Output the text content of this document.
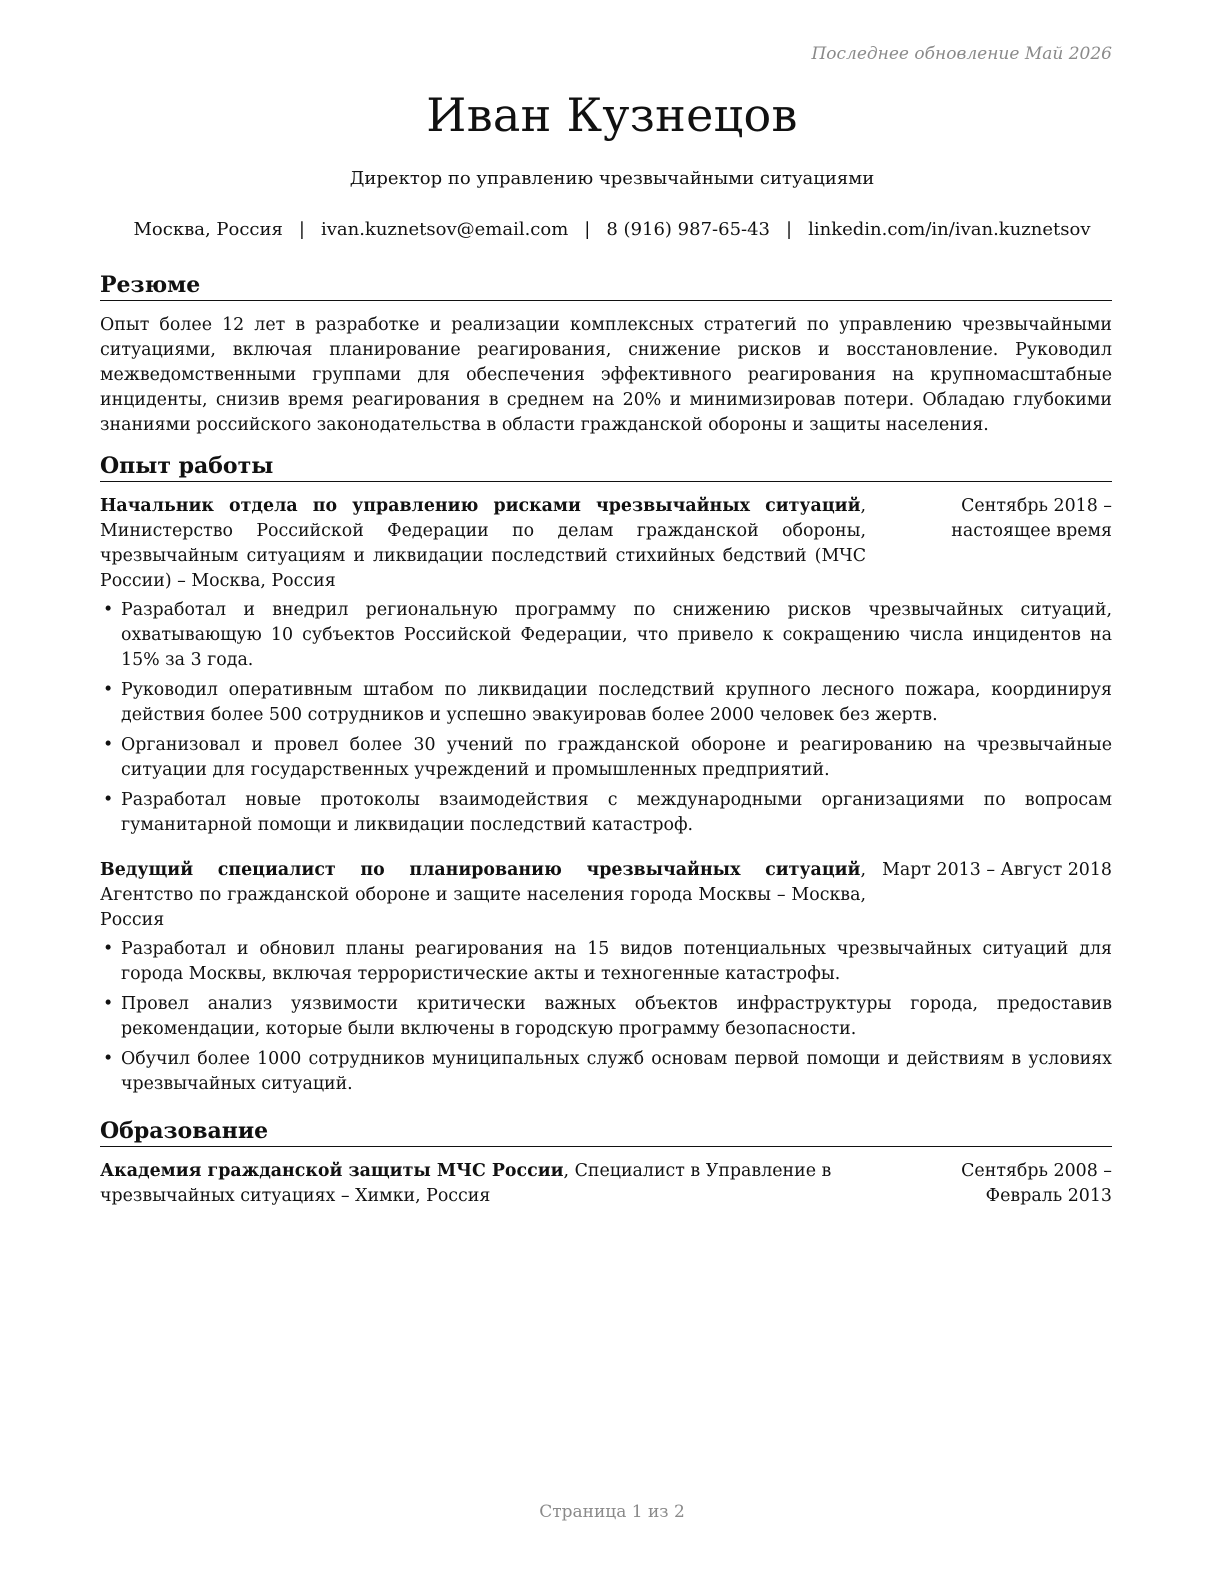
Последнее обновление Май 2026
Иван Кузнецов
Директор по управлению чрезвычайными ситуациями
Москва, Россия | ivan.kuznetsov@email.com | 8 (916) 987-65-43 | linkedin.com/in/ivan.kuznetsov
Резюме

Опыт более 12 лет в разработке и реализации комплексных стратегий по управлению чрезвычайными ситуациями, включая планирование реагирования, снижение рисков и восстановление. Руководил межведомственными группами для обеспечения эффективного реагирования на крупномасштабные инциденты, снизив время реагирования в среднем на 20% и минимизировав потери. Обладаю глубокими знаниями российского законодательства в области гражданской обороны и защиты населения.

Опыт работы
Начальник отдела по управлению рисками чрезвычайных ситуаций, Министерство Российской Федерации по делам гражданской обороны, чрезвычайным ситуациям и ликвидации последствий стихийных бедствий (МЧС России) – Москва, Россия
Сентябрь 2018 – настоящее время
• Разработал и внедрил региональную программу по снижению рисков чрезвычайных ситуаций, охватывающую 10 субъектов Российской Федерации, что привело к сокращению числа инцидентов на 15% за 3 года.
• Руководил оперативным штабом по ликвидации последствий крупного лесного пожара, координируя действия более 500 сотрудников и успешно эвакуировав более 2000 человек без жертв.
• Организовал и провел более 30 учений по гражданской обороне и реагированию на чрезвычайные ситуации для государственных учреждений и промышленных предприятий.
• Разработал новые протоколы взаимодействия с международными организациями по вопросам гуманитарной помощи и ликвидации последствий катастроф.
Ведущий специалист по планированию чрезвычайных ситуаций, Агентство по гражданской обороне и защите населения города Москвы – Москва, Россия
Март 2013 – Август 2018
• Разработал и обновил планы реагирования на 15 видов потенциальных чрезвычайных ситуаций для города Москвы, включая террористические акты и техногенные катастрофы.
• Провел анализ уязвимости критически важных объектов инфраструктуры города, предоставив рекомендации, которые были включены в городскую программу безопасности.
• Обучил более 1000 сотрудников муниципальных служб основам первой помощи и действиям в условиях чрезвычайных ситуаций.
Образование
Академия гражданской защиты МЧС России, Специалист в Управление в чрезвычайных ситуациях – Химки, Россия
Сентябрь 2008 – Февраль 2013
Страница 1 из 2
